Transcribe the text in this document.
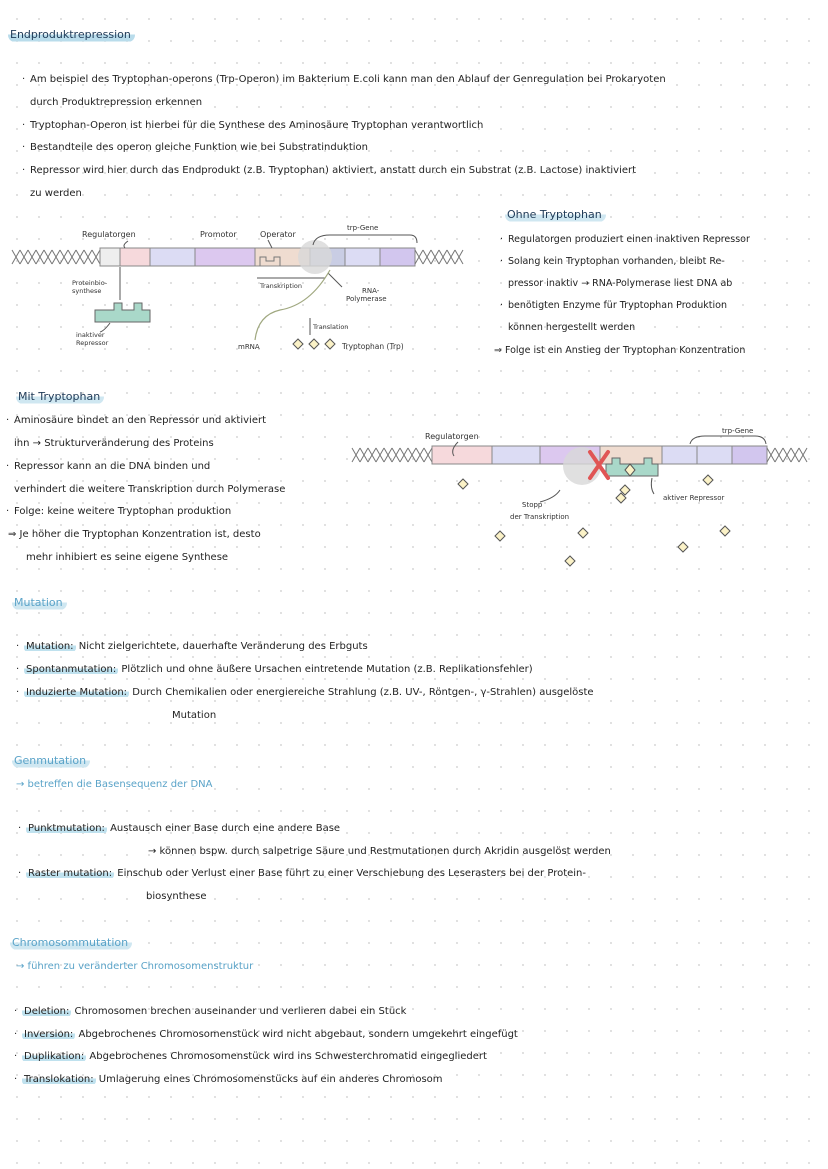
Endproduktrepression
· Am beispiel des Tryptophan-operons (Trp-Operon) im Bakterium E.coli kann man den Ablauf der Genregulation bei Prokaryoten
durch Produktrepression erkennen
· Tryptophan-Operon ist hierbei für die Synthese des Aminosäure Tryptophan verantwortlich
· Bestandteile des operon gleiche Funktion wie bei Substratinduktion
· Repressor wird hier durch das Endprodukt (z.B. Tryptophan) aktiviert, anstatt durch ein Substrat (z.B. Lactose) inaktiviert
zu werden
Regulatorgen	Promotor	Operator
trp-Gene
Proteinbio-
synthese
inaktiver
Repressor
Transkription
RNA-
Polymerase
mRNA
Translation
Tryptophan (Trp)
Ohne Tryptophan
· Regulatorgen produziert einen inaktiven Repressor
· Solang kein Tryptophan vorhanden, bleibt Re-
pressor inaktiv → RNA-Polymerase liest DNA ab
· benötigten Enzyme für Tryptophan Produktion
können hergestellt werden
⇒ Folge ist ein Anstieg der Tryptophan Konzentration
Mit Tryptophan
· Aminosäure bindet an den Repressor und aktiviert
ihn → Strukturveränderung des Proteins
· Repressor kann an die DNA binden und
verhindert die weitere Transkription durch Polymerase
· Folge: keine weitere Tryptophan produktion
⇒ Je höher die Tryptophan Konzentration ist, desto
mehr inhibiert es seine eigene Synthese
Regulatorgen
trp-Gene
aktiver Repressor
Stopp
der Transkription
Mutation
· Mutation: Nicht zielgerichtete, dauerhafte Veränderung des Erbguts
· Spontanmutation: Plötzlich und ohne äußere Ursachen eintretende Mutation (z.B. Replikationsfehler)
· Induzierte Mutation: Durch Chemikalien oder energiereiche Strahlung (z.B. UV-, Röntgen-, γ-Strahlen) ausgelöste
Mutation
Genmutation
→ betreffen die Basensequenz der DNA
· Punktmutation: Austausch einer Base durch eine andere Base
→ können bspw. durch salpetrige Säure und Restmutationen durch Akridin ausgelöst werden
· Raster mutation: Einschub oder Verlust einer Base führt zu einer Verschiebung des Leserasters bei der Protein-
biosynthese
Chromosommutation
→ führen zu veränderter Chromosomenstruktur
· Deletion: Chromosomen brechen auseinander und verlieren dabei ein Stück
· Inversion: Abgebrochenes Chromosomenstück wird nicht abgebaut, sondern umgekehrt eingefügt
· Duplikation: Abgebrochenes Chromosomenstück wird ins Schwesterchromatid eingegliedert
· Translokation: Umlagerung eines Chromosomenstücks auf ein anderes Chromosom
